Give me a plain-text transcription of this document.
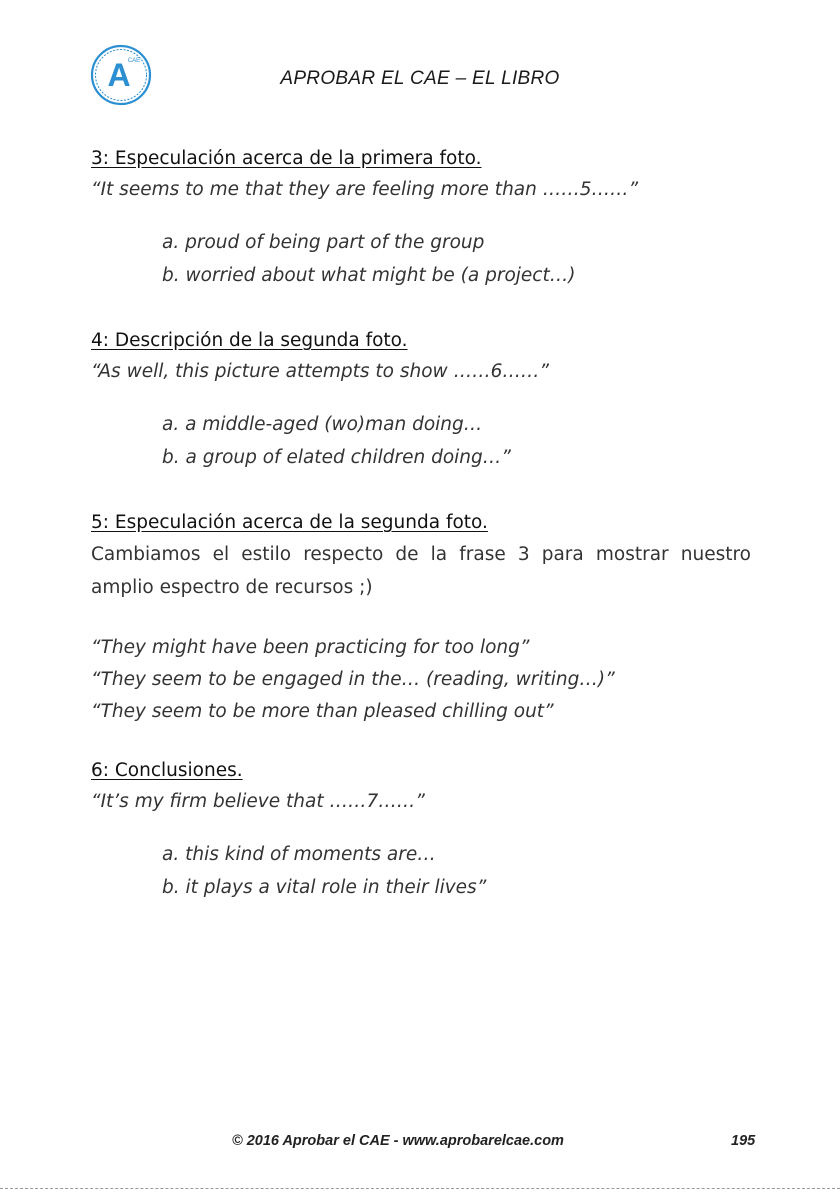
A
CAE
APROBAR EL CAE – EL LIBRO

3: Especulación acerca de la primera foto.

“It seems to me that they are feeling more than ……5……”

a. proud of being part of the group

b. worried about what might be (a project…)

4: Descripción de la segunda foto.

“As well, this picture attempts to show ……6……”

a. a middle-aged (wo)man doing…

b. a group of elated children doing…”

5: Especulación acerca de la segunda foto.

Cambiamos el estilo respecto de la frase 3 para mostrar nuestro amplio espectro de recursos ;)

“They might have been practicing for too long”

“They seem to be engaged in the… (reading, writing…)”

“They seem to be more than pleased chilling out”

6: Conclusiones.

“It’s my firm believe that ……7……”

a. this kind of moments are…

b. it plays a vital role in their lives”

© 2016 Aprobar el CAE - www.aprobarelcae.com	195
